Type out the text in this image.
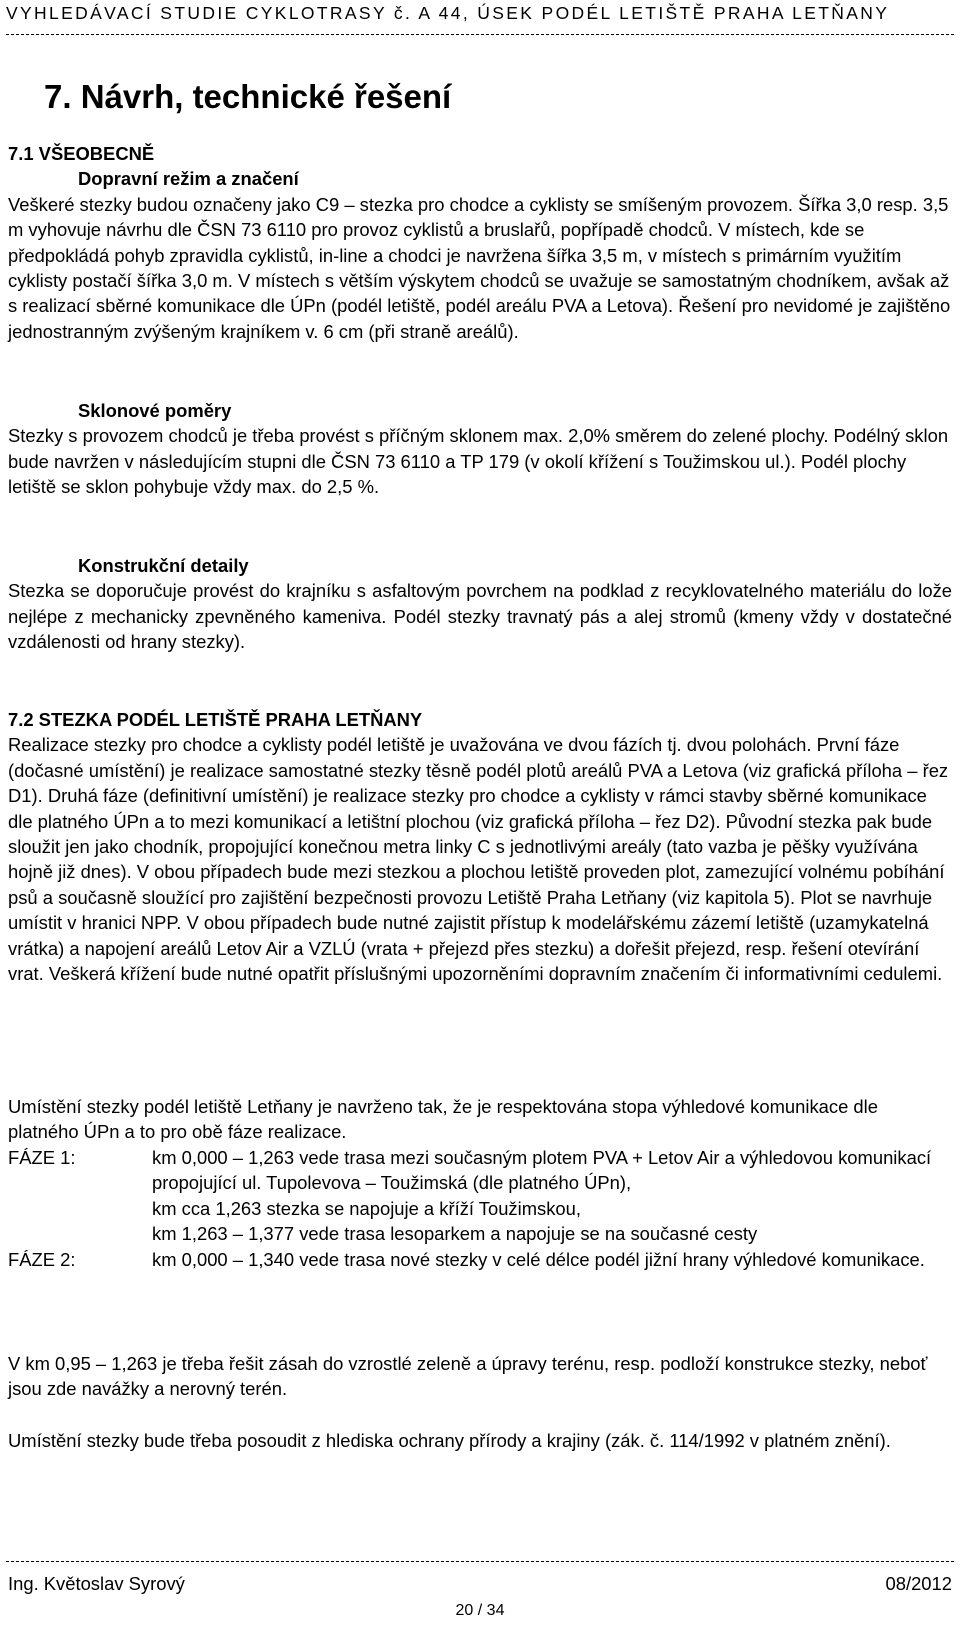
VYHLEDÁVACÍ STUDIE CYKLOTRASY č. A 44, ÚSEK PODÉL LETIŠTĚ PRAHA LETŇANY
7. Návrh, technické řešení

7.1 VŠEOBECNĚ

Dopravní režim a značení

Veškeré stezky budou označeny jako C9 – stezka pro chodce a cyklisty se smíšeným provozem. Šířka 3,0 resp. 3,5 m vyhovuje návrhu dle ČSN 73 6110 pro provoz cyklistů a bruslařů, popřípadě chodců. V místech, kde se předpokládá pohyb zpravidla cyklistů, in-line a chodci je navržena šířka 3,5 m, v místech s primárním využitím cyklisty postačí šířka 3,0 m. V místech s větším výskytem chodců se uvažuje se samostatným chodníkem, avšak až s realizací sběrné komunikace dle ÚPn (podél letiště, podél areálu PVA a Letova). Řešení pro nevidomé je zajištěno jednostranným zvýšeným krajníkem v. 6 cm (při straně areálů).

Sklonové poměry

Stezky s provozem chodců je třeba provést s příčným sklonem max. 2,0% směrem do zelené plochy. Podélný sklon bude navržen v následujícím stupni dle ČSN 73 6110 a TP 179 (v okolí křížení s Toužimskou ul.). Podél plochy letiště se sklon pohybuje vždy max. do 2,5 %.

Konstrukční detaily

Stezka se doporučuje provést do krajníku s asfaltovým povrchem na podklad z recyklovatelného materiálu do lože nejlépe z mechanicky zpevněného kameniva. Podél stezky travnatý pás a alej stromů (kmeny vždy v dostatečné vzdálenosti od hrany stezky).

7.2 STEZKA PODÉL LETIŠTĚ PRAHA LETŇANY

Realizace stezky pro chodce a cyklisty podél letiště je uvažována ve dvou fázích tj. dvou polohách. První fáze (dočasné umístění) je realizace samostatné stezky těsně podél plotů areálů PVA a Letova (viz grafická příloha – řez D1). Druhá fáze (definitivní umístění) je realizace stezky pro chodce a cyklisty v rámci stavby sběrné komunikace dle platného ÚPn a to mezi komunikací a letištní plochou (viz grafická příloha – řez D2). Původní stezka pak bude sloužit jen jako chodník, propojující konečnou metra linky C s jednotlivými areály (tato vazba je pěšky využívána hojně již dnes). V obou případech bude mezi stezkou a plochou letiště proveden plot, zamezující volnému pobíhání psů a současně sloužící pro zajištění bezpečnosti provozu Letiště Praha Letňany (viz kapitola 5). Plot se navrhuje umístit v hranici NPP. V obou případech bude nutné zajistit přístup k modelářskému zázemí letiště (uzamykatelná vrátka) a napojení areálů Letov Air a VZLÚ (vrata + přejezd přes stezku) a dořešit přejezd, resp. řešení otevírání vrat. Veškerá křížení bude nutné opatřit příslušnými upozorněními dopravním značením či informativními cedulemi.

Umístění stezky podél letiště Letňany je navrženo tak, že je respektována stopa výhledové komunikace dle platného ÚPn a to pro obě fáze realizace.

FÁZE 1:	km 0,000 – 1,263 vede trasa mezi současným plotem PVA + Letov Air a výhledovou komunikací propojující ul. Tupolevova – Toužimská (dle platného ÚPn),
km cca 1,263 stezka se napojuje a kříží Toužimskou,
km 1,263 – 1,377 vede trasa lesoparkem a napojuje se na současné cesty

FÁZE 2:	km 0,000 – 1,340 vede trasa nové stezky v celé délce podél jižní hrany výhledové komunikace.

V km 0,95 – 1,263 je třeba řešit zásah do vzrostlé zeleně a úpravy terénu, resp. podloží konstrukce stezky, neboť jsou zde navážky a nerovný terén.

Umístění stezky bude třeba posoudit z hlediska ochrany přírody a krajiny (zák. č. 114/1992 v platném znění).

Ing. Květoslav Syrový	08/2012
20 / 34
